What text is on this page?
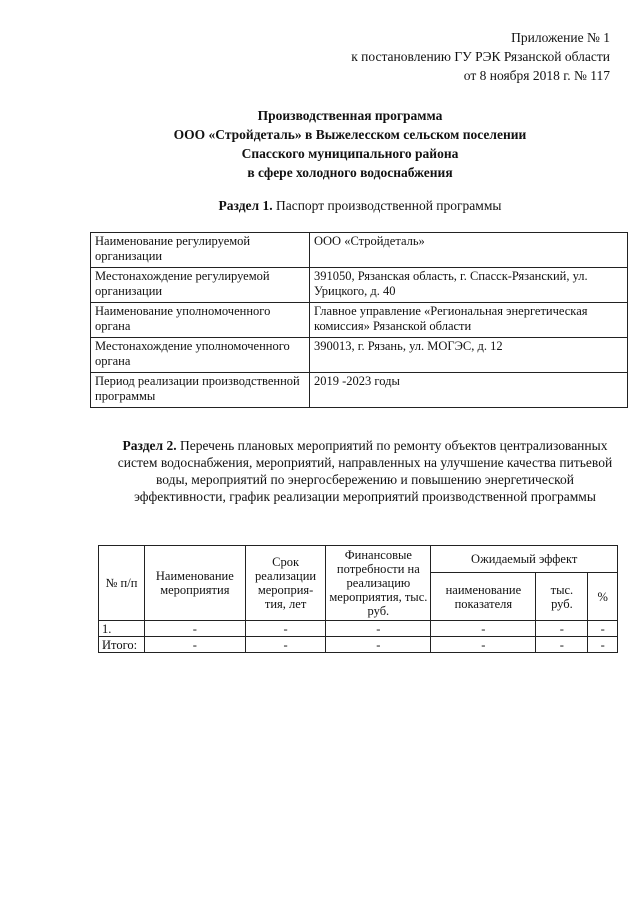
Приложение № 1
к постановлению ГУ РЭК Рязанской области
от 8 ноября 2018 г. № 117
Производственная программа
ООО «Стройдеталь» в Выжелесском сельском поселении
Спасского муниципального района
в сфере холодного водоснабжения
Раздел 1. Паспорт производственной программы
Наименование регулируемой организации	ООО «Стройдеталь»
Местонахождение регулируемой организации	391050, Рязанская область, г. Спасск-Рязанский, ул. Урицкого, д. 40
Наименование уполномоченного органа	Главное управление «Региональная энергетическая комиссия» Рязанской области
Местонахождение уполномоченного органа	390013, г. Рязань, ул. МОГЭС, д. 12
Период реализации производственной программы	2019 -2023 годы
Раздел 2. Перечень плановых мероприятий по ремонту объектов централизованных систем водоснабжения, мероприятий, направленных на улучшение качества питьевой воды, мероприятий по энергосбережению и повышению энергетической эффективности, график реализации мероприятий производственной программы
№ п/п	Наименование мероприятия	Срок реализации мероприя-тия, лет	Финансовые потребности на реализацию мероприятия, тыс. руб.	Ожидаемый эффект		
				наименование показателя	тыс. руб.	%
1.	-	-	-	-	-	-
Итого:	-	-	-	-	-	-
